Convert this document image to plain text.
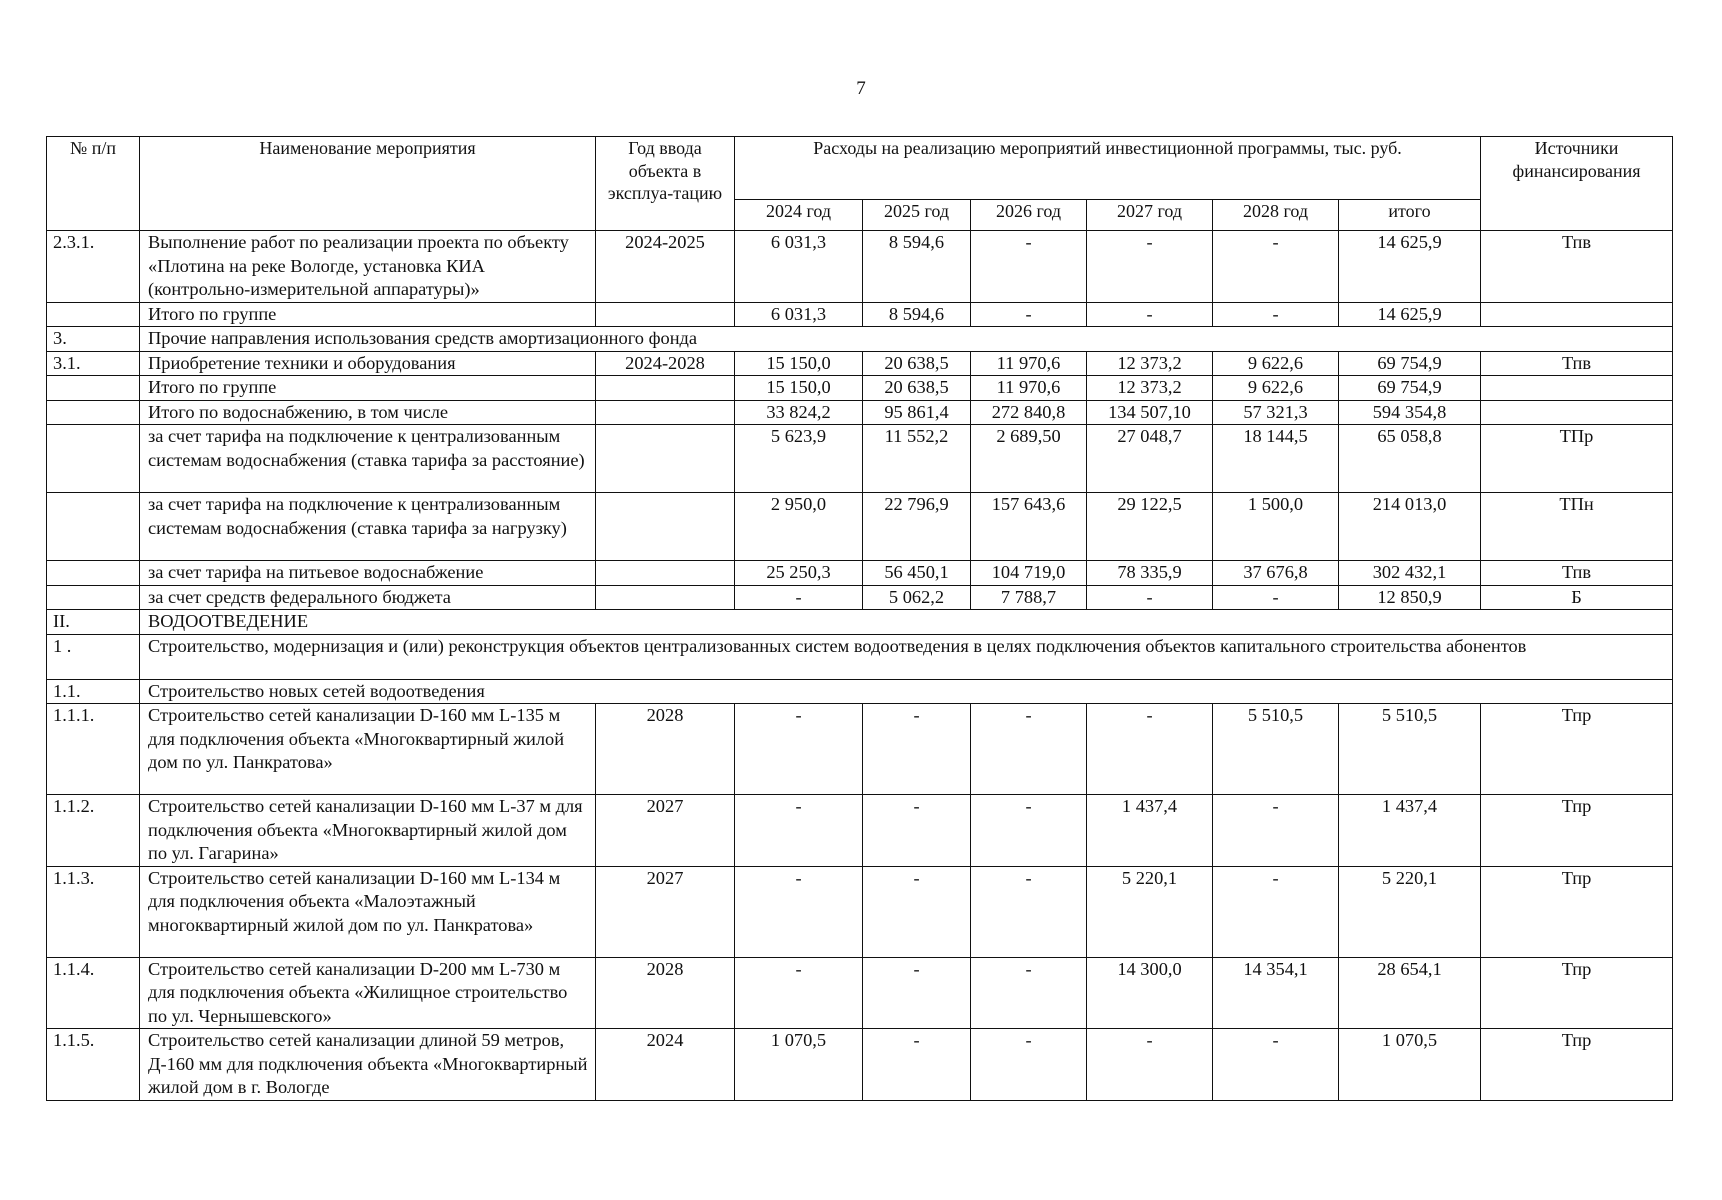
7
№ п/п	Наименование мероприятия	Год ввода объекта в эксплуа-тацию	Расходы на реализацию мероприятий инвестиционной программы, тыс. руб.						Источники финансирования
			2024 год	2025 год	2026 год	2027 год	2028 год	итого	
2.3.1.	Выполнение работ по реализации проекта по объекту «Плотина на реке Вологде, установка КИА (контрольно-измерительной аппаратуры)»	2024-2025	6 031,3	8 594,6	-	-	-	14 625,9	Тпв
	Итого по группе		6 031,3	8 594,6	-	-	-	14 625,9	
3.	Прочие направления использования средств амортизационного фонда								
3.1.	Приобретение техники и оборудования	2024-2028	15 150,0	20 638,5	11 970,6	12 373,2	9 622,6	69 754,9	Тпв
	Итого по группе		15 150,0	20 638,5	11 970,6	12 373,2	9 622,6	69 754,9	
	Итого по водоснабжению, в том числе		33 824,2	95 861,4	272 840,8	134 507,10	57 321,3	594 354,8	
	за счет тарифа на подключение к централизованным системам водоснабжения (ставка тарифа за расстояние)		5 623,9	11 552,2	2 689,50	27 048,7	18 144,5	65 058,8	ТПр
	за счет тарифа на подключение к централизованным системам водоснабжения (ставка тарифа за нагрузку)		2 950,0	22 796,9	157 643,6	29 122,5	1 500,0	214 013,0	ТПн
	за счет тарифа на питьевое водоснабжение		25 250,3	56 450,1	104 719,0	78 335,9	37 676,8	302 432,1	Тпв
	за счет средств федерального бюджета		-	5 062,2	7 788,7	-	-	12 850,9	Б
II.	ВОДООТВЕДЕНИЕ								
1 .	Строительство, модернизация и (или) реконструкция объектов централизованных систем водоотведения в целях подключения объектов капитального строительства абонентов								
1.1.	Строительство новых сетей водоотведения								
1.1.1.	Строительство сетей канализации D-160 мм L-135 м для подключения объекта «Многоквартирный жилой дом по ул. Панкратова»	2028	-	-	-	-	5 510,5	5 510,5	Тпр
1.1.2.	Строительство сетей канализации D-160 мм L-37 м для подключения объекта «Многоквартирный жилой дом по ул. Гагарина»	2027	-	-	-	1 437,4	-	1 437,4	Тпр
1.1.3.	Строительство сетей канализации D-160 мм L-134 м для подключения объекта «Малоэтажный многоквартирный жилой дом по ул. Панкратова»	2027	-	-	-	5 220,1	-	5 220,1	Тпр
1.1.4.	Строительство сетей канализации D-200 мм L-730 м для подключения объекта «Жилищное строительство по ул. Чернышевского»	2028	-	-	-	14 300,0	14 354,1	28 654,1	Тпр
1.1.5.	Строительство сетей канализации длиной 59 метров, Д-160 мм для подключения объекта «Многоквартирный жилой дом в г. Вологде	2024	1 070,5	-	-	-	-	1 070,5	Тпр
